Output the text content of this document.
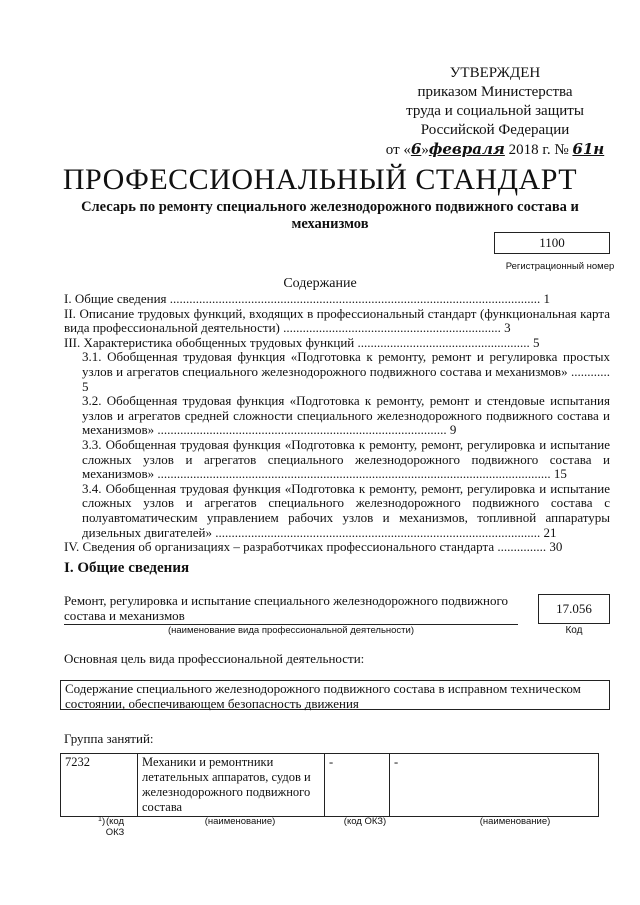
УТВЕРЖДЕН
приказом Министерства
труда и социальной защиты
Российской Федерации
от «6»февраля 2018 г. № 61н
ПРОФЕССИОНАЛЬНЫЙ СТАНДАРТ
Слесарь по ремонту специального железнодорожного подвижного состава и механизмов
1100
Регистрационный номер
Содержание
I. Общие сведения .................................................................................................................. 1
II. Описание трудовых функций, входящих в профессиональный стандарт (функциональная карта вида профессиональной деятельности) ................................................................... 3
III. Характеристика обобщенных трудовых функций ..................................................... 5
3.1. Обобщенная трудовая функция «Подготовка к ремонту, ремонт и регулировка простых узлов и агрегатов специального железнодорожного подвижного состава и механизмов» ............ 5
3.2. Обобщенная трудовая функция «Подготовка к ремонту, ремонт и стендовые испытания узлов и агрегатов средней сложности специального железнодорожного подвижного состава и механизмов» ......................................................................................... 9
3.3. Обобщенная трудовая функция «Подготовка к ремонту, ремонт, регулировка и испытание сложных узлов и агрегатов специального железнодорожного подвижного состава и механизмов» ......................................................................................................................... 15
3.4. Обобщенная трудовая функция «Подготовка к ремонту, ремонт, регулировка и испытание сложных узлов и агрегатов специального железнодорожного подвижного состава с полуавтоматическим управлением рабочих узлов и механизмов, топливной аппаратуры дизельных двигателей» .................................................................................................... 21
IV. Сведения об организациях – разработчиках профессионального стандарта ............... 30
I. Общие сведения
Ремонт, регулировка и испытание специального железнодорожного подвижного состава и механизмов
(наименование вида профессиональной деятельности)
17.056
Код
Основная цель вида профессиональной деятельности:
Содержание специального железнодорожного подвижного состава в исправном техническом состоянии, обеспечивающем безопасность движения
Группа занятий:
7232	Механики и ремонтники летательных аппаратов, судов и железнодорожного подвижного состава	-	-
(код ОКЗ
$^1$ )	(наименование)	(код ОКЗ)	(наименование)
